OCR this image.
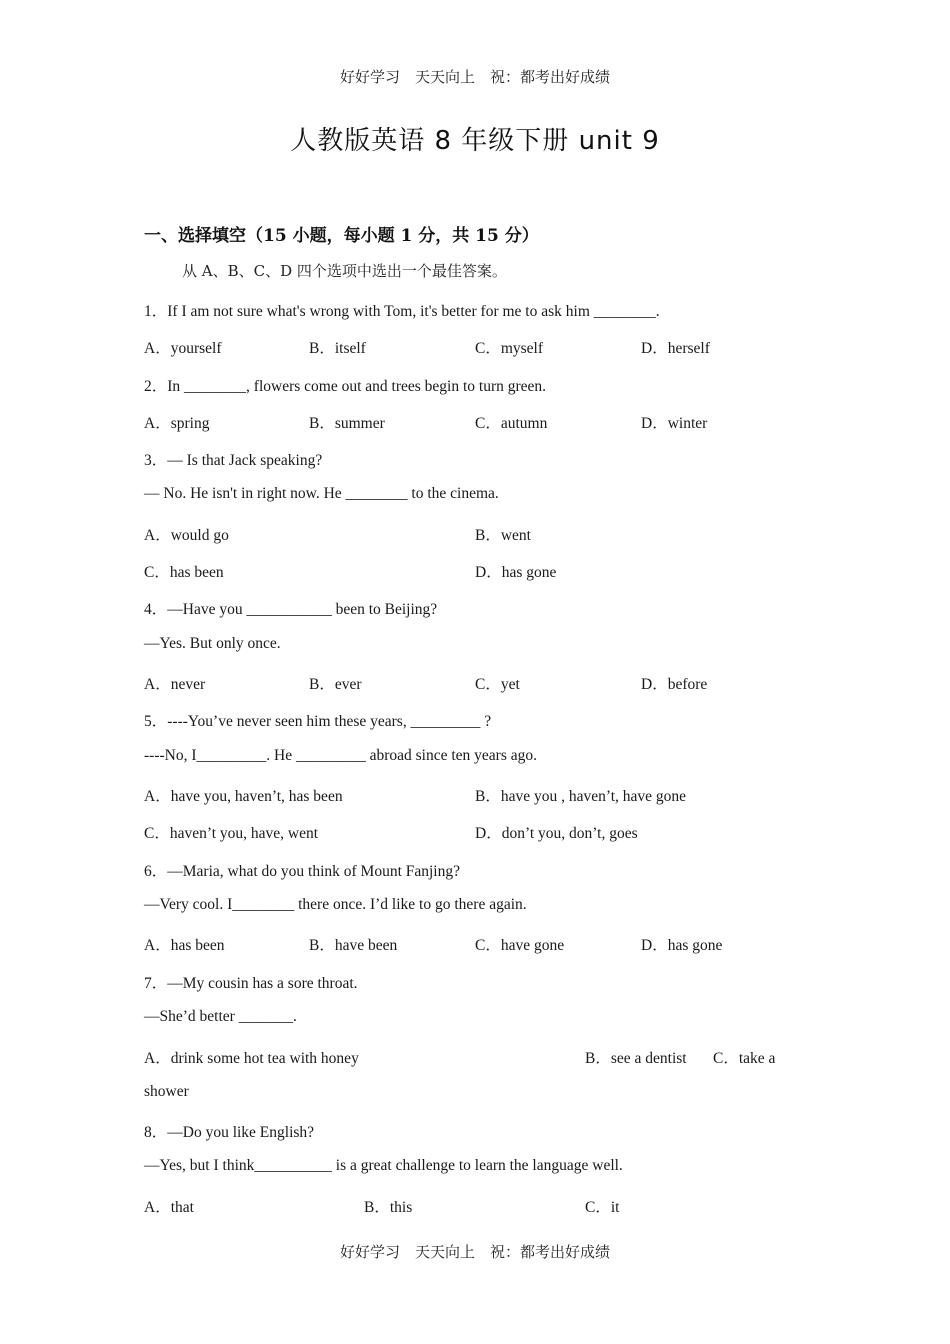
好好学习　天天向上　祝：都考出好成绩
人教版英语 8 年级下册 unit 9
一、选择填空（15 小题，每小题 1 分，共 15 分）
从 A、B、C、D 四个选项中选出一个最佳答案。
1．If I am not sure what's wrong with Tom, it's better for me to ask him ________.
A．yourself	B．itself	C．myself	D．herself
2．In ________, flowers come out and trees begin to turn green.
A．spring	B．summer	C．autumn	D．winter
3．— Is that Jack speaking?
— No. He isn't in right now. He ________ to the cinema.
A．would go	B．went
C．has been	D．has gone
4．—Have you ___________ been to Beijing?
—Yes. But only once.
A．never	B．ever	C．yet	D．before
5．----You’ve never seen him these years, _________ ?
----No, I_________. He _________ abroad since ten years ago.
A．have you, haven’t, has been	B．have you , haven’t, have gone
C．haven’t you, have, went	D．don’t you, don’t, goes
6．—Maria, what do you think of Mount Fanjing?
—Very cool. I________ there once. I’d like to go there again.
A．has been	B．have been	C．have gone	D．has gone
7．—My cousin has a sore throat.
—She’d better _______.
A．drink some hot tea with honey	B．see a dentist C．take a
shower
8．—Do you like English?
—Yes, but I think__________ is a great challenge to learn the language well.
A．that	B．this	C．it
好好学习　天天向上　祝：都考出好成绩
